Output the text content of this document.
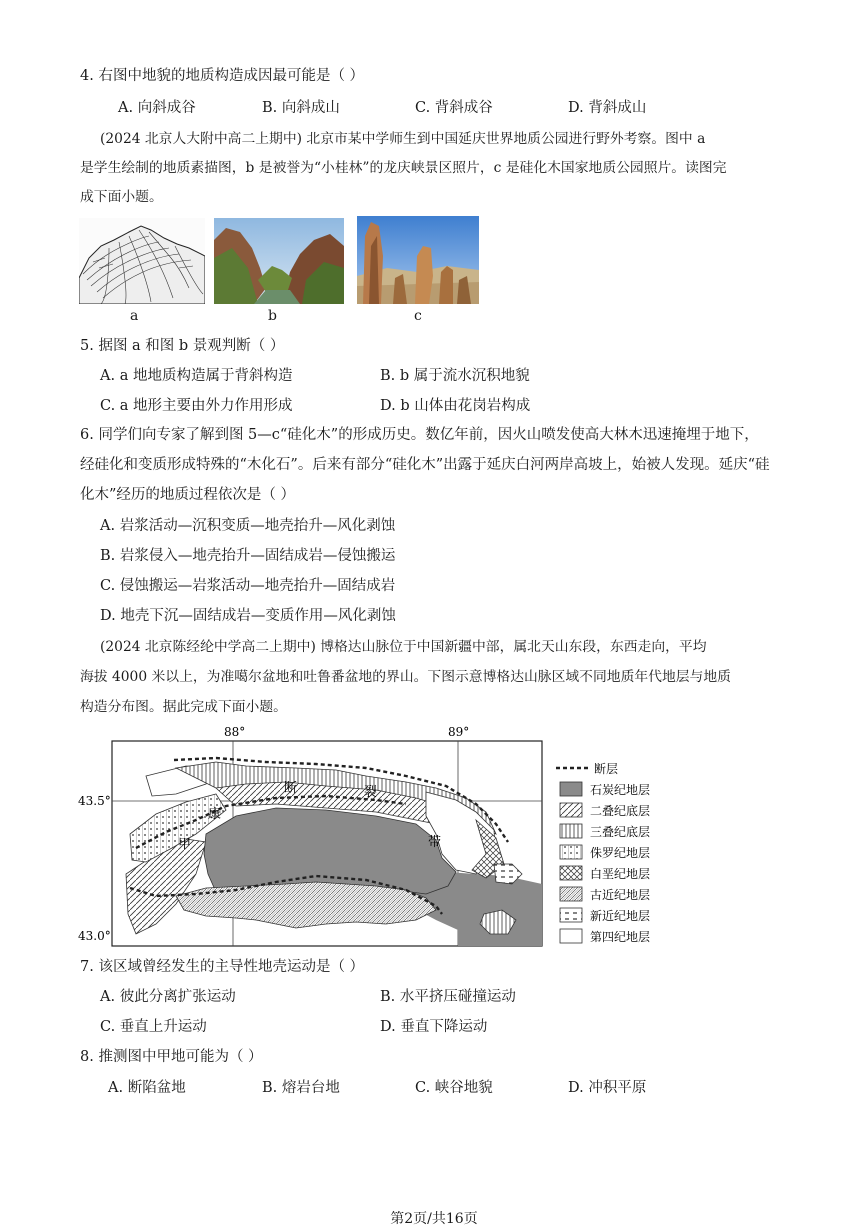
4. 右图中地貌的地质构造成因最可能是（ ）
A. 向斜成谷	B. 向斜成山	C. 背斜成谷	D. 背斜成山
(2024 北京人大附中高二上期中) 北京市某中学师生到中国延庆世界地质公园进行野外考察。图中 a
是学生绘制的地质素描图，b 是被誉为“小桂林”的龙庆峡景区照片，c 是硅化木国家地质公园照片。读图完
成下面小题。
a	b	c
5. 据图 a 和图 b 景观判断（ ）
A. a 地地质构造属于背斜构造	B. b 属于流水沉积地貌
C. a 地形主要由外力作用形成	D. b 山体由花岗岩构成
6. 同学们向专家了解到图 5—c“硅化木”的形成历史。数亿年前，因火山喷发使高大林木迅速掩埋于地下，
经硅化和变质形成特殊的“木化石”。后来有部分“硅化木”出露于延庆白河两岸高坡上，始被人发现。延庆“硅
化木”经历的地质过程依次是（ ）
A. 岩浆活动—沉积变质—地壳抬升—风化剥蚀
B. 岩浆侵入—地壳抬升—固结成岩—侵蚀搬运
C. 侵蚀搬运—岩浆活动—地壳抬升—固结成岩
D. 地壳下沉—固结成岩—变质作用—风化剥蚀
(2024 北京陈经纶中学高二上期中) 博格达山脉位于中国新疆中部，属北天山东段，东西走向，平均
海拔 4000 米以上，为准噶尔盆地和吐鲁番盆地的界山。下图示意博格达山脉区域不同地质年代地层与地质
构造分布图。据此完成下面小题。
断	裂
康
甲	带
88°	89°
43.5°
43.0°
断层
石炭纪地层
二叠纪底层
三叠纪底层
侏罗纪地层
白垩纪地层
古近纪地层
新近纪地层
第四纪地层
7. 该区域曾经发生的主导性地壳运动是（ ）
A. 彼此分离扩张运动	B. 水平挤压碰撞运动
C. 垂直上升运动	D. 垂直下降运动
8. 推测图中甲地可能为（ ）
A. 断陷盆地	B. 熔岩台地	C. 峡谷地貌	D. 冲积平原
第2页/共16页
